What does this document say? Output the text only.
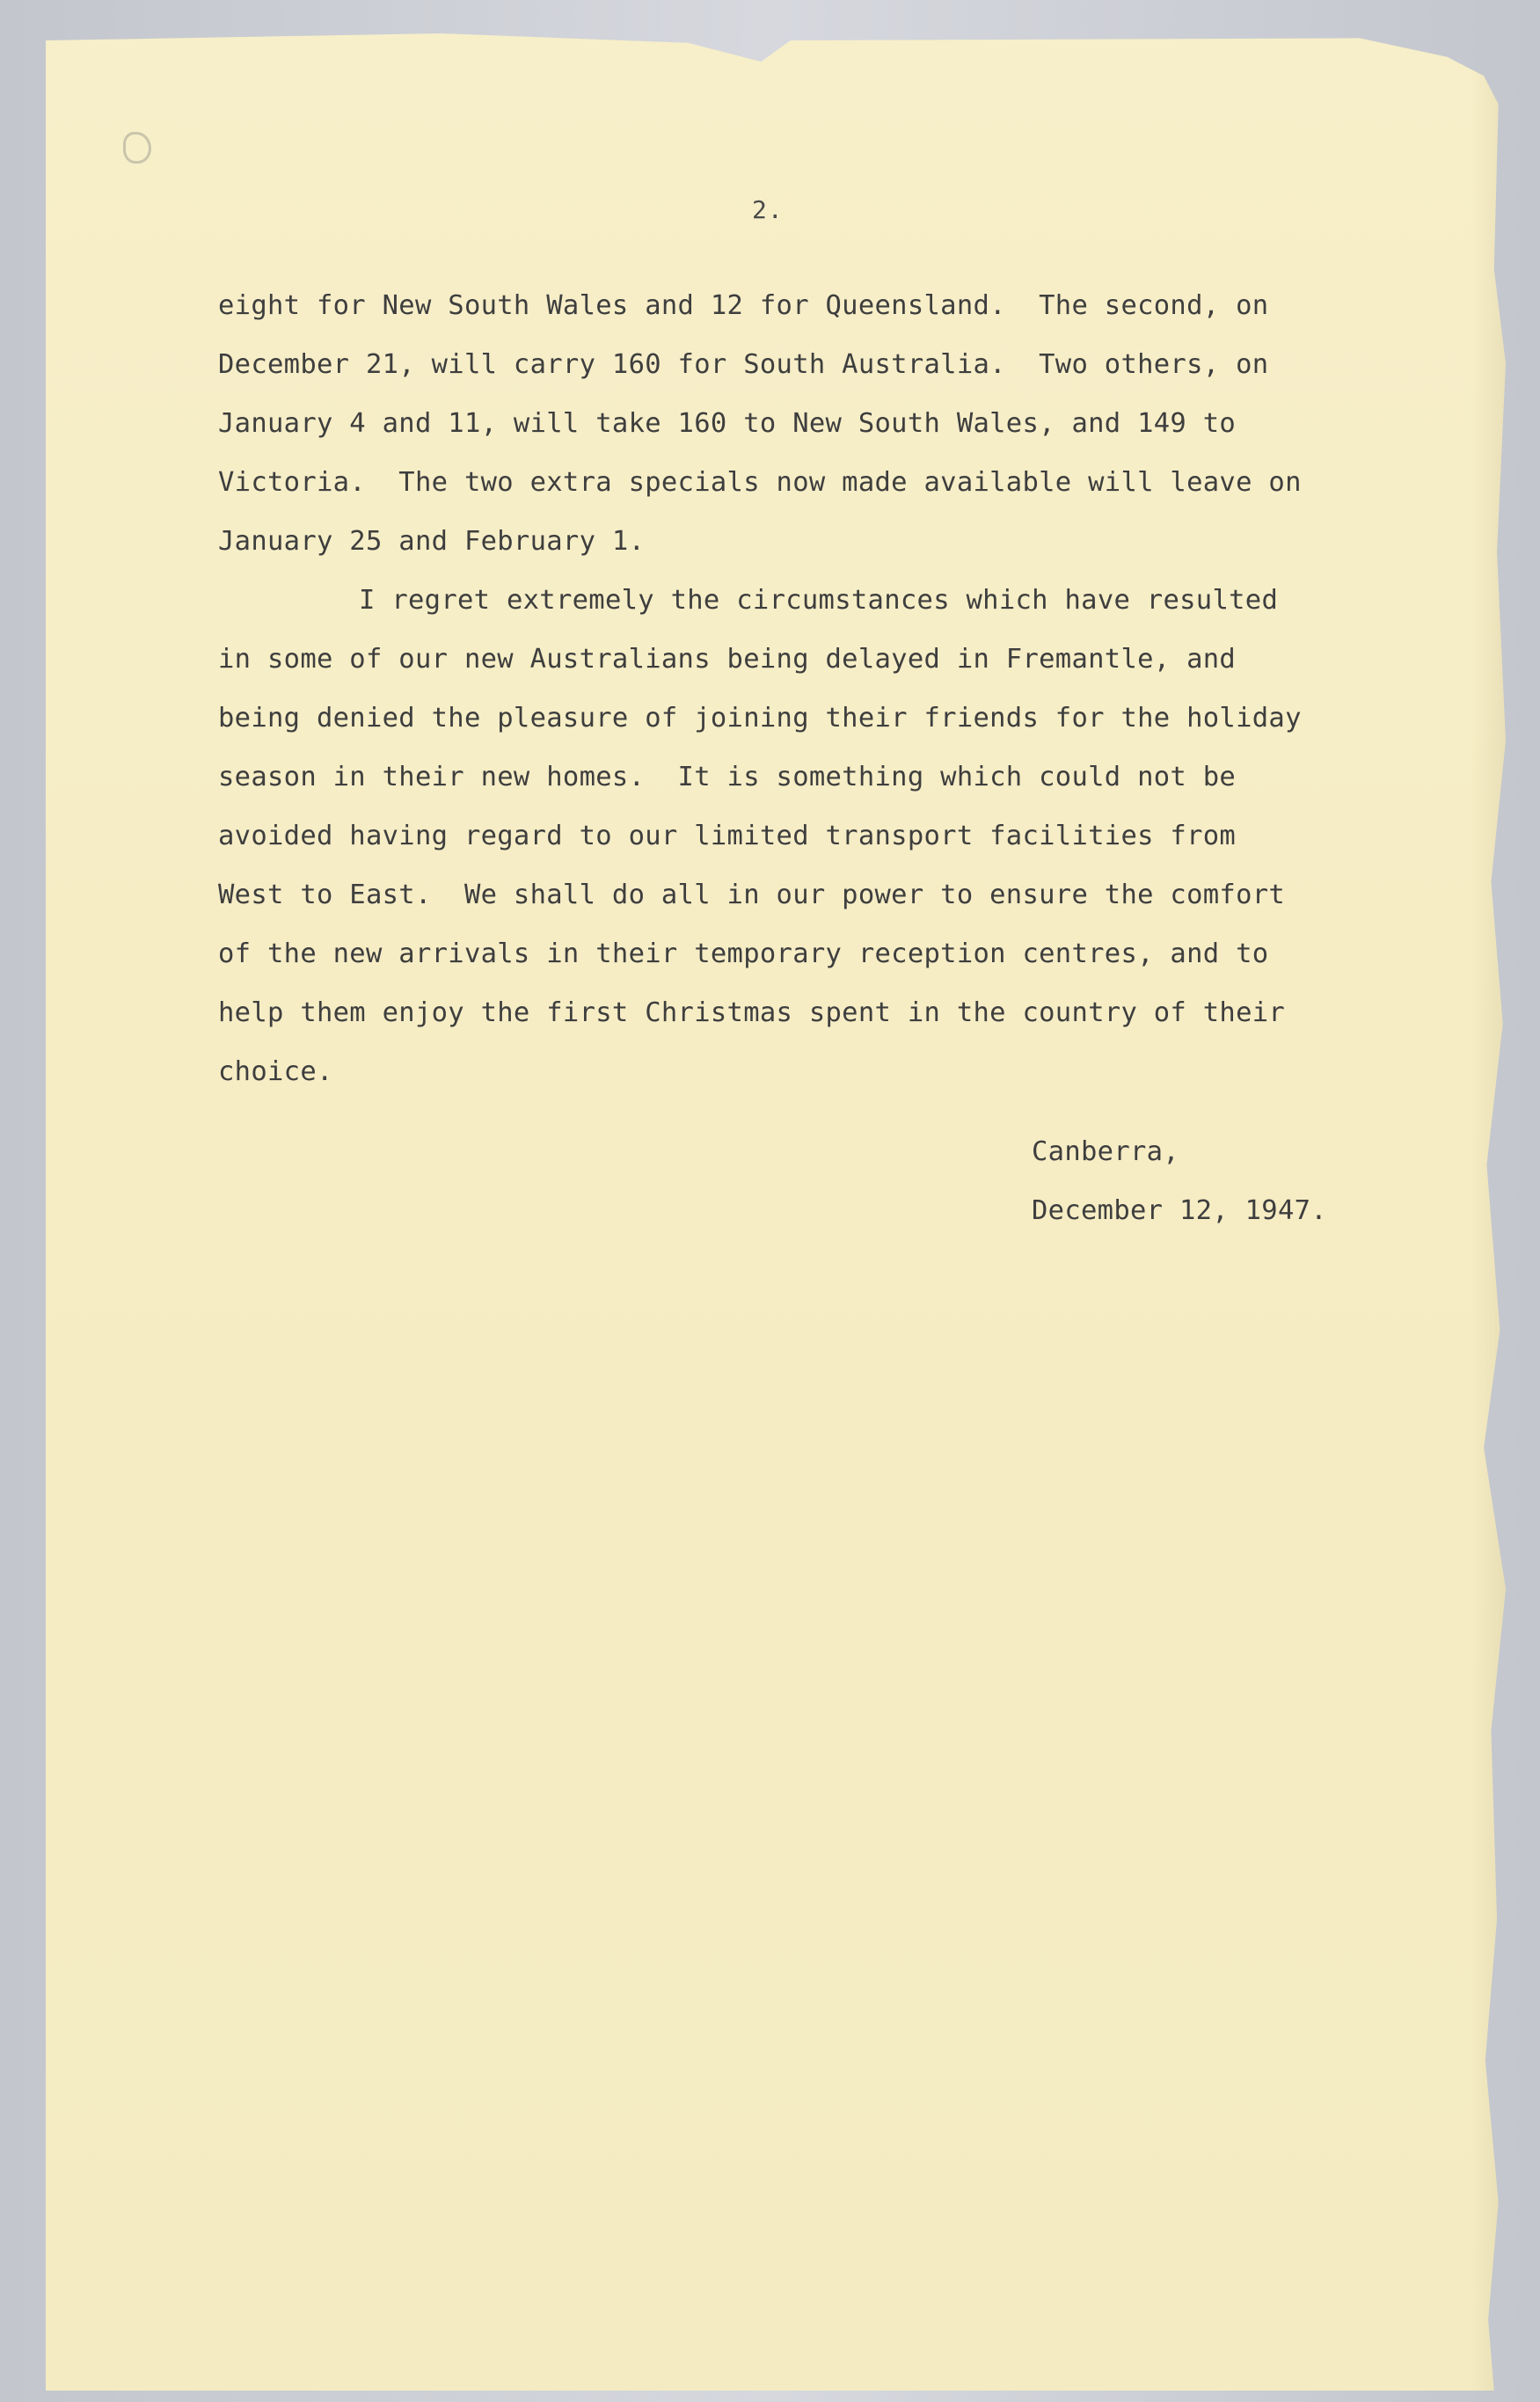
2.
eight for New South Wales and 12 for Queensland.  The second, on
December 21, will carry 160 for South Australia.  Two others, on
January 4 and 11, will take 160 to New South Wales, and 149 to
Victoria.  The two extra specials now made available will leave on
January 25 and February 1.
I regret extremely the circumstances which have resulted
in some of our new Australians being delayed in Fremantle, and
being denied the pleasure of joining their friends for the holiday
season in their new homes.  It is something which could not be
avoided having regard to our limited transport facilities from
West to East.  We shall do all in our power to ensure the comfort
of the new arrivals in their temporary reception centres, and to
help them enjoy the first Christmas spent in the country of their
choice.
Canberra,
December 12, 1947.
